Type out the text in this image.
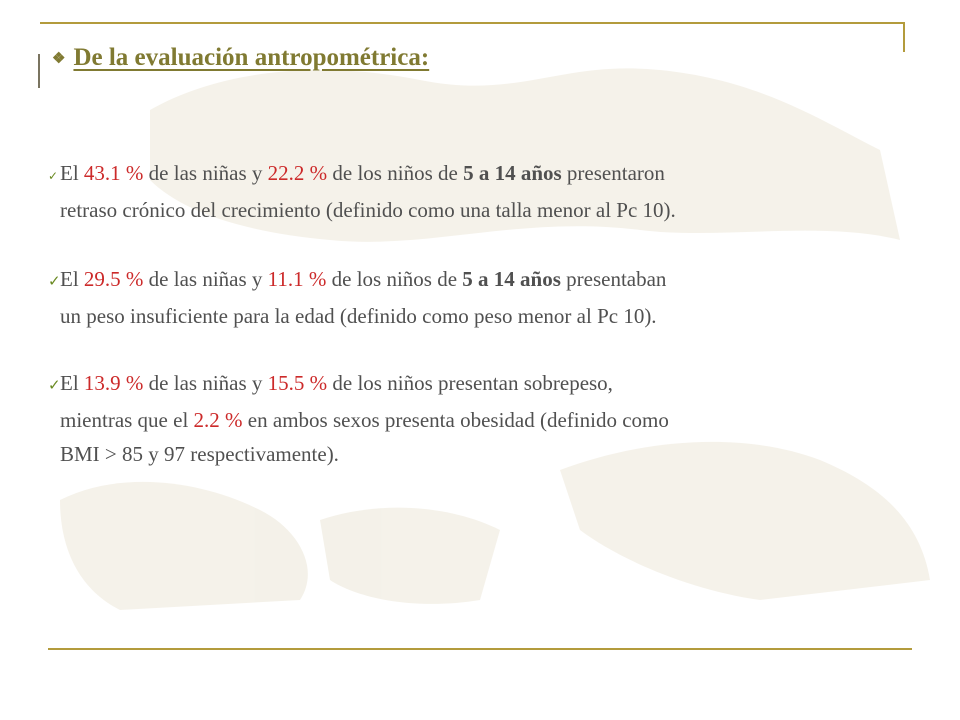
❖ De la evaluación antropométrica:
✓El 43.1 % de las niñas y 22.2 % de los niños de 5 a 14 años presentaron
retraso crónico del crecimiento (definido como una talla menor al Pc 10).
✓El 29.5 % de las niñas y 11.1 % de los niños de 5 a 14 años presentaban
un peso insuficiente para la edad (definido como peso menor al Pc 10).
✓El 13.9 % de las niñas y 15.5 % de los niños presentan sobrepeso,
mientras que el 2.2 % en ambos sexos presenta obesidad (definido como
BMI > 85 y 97 respectivamente).
